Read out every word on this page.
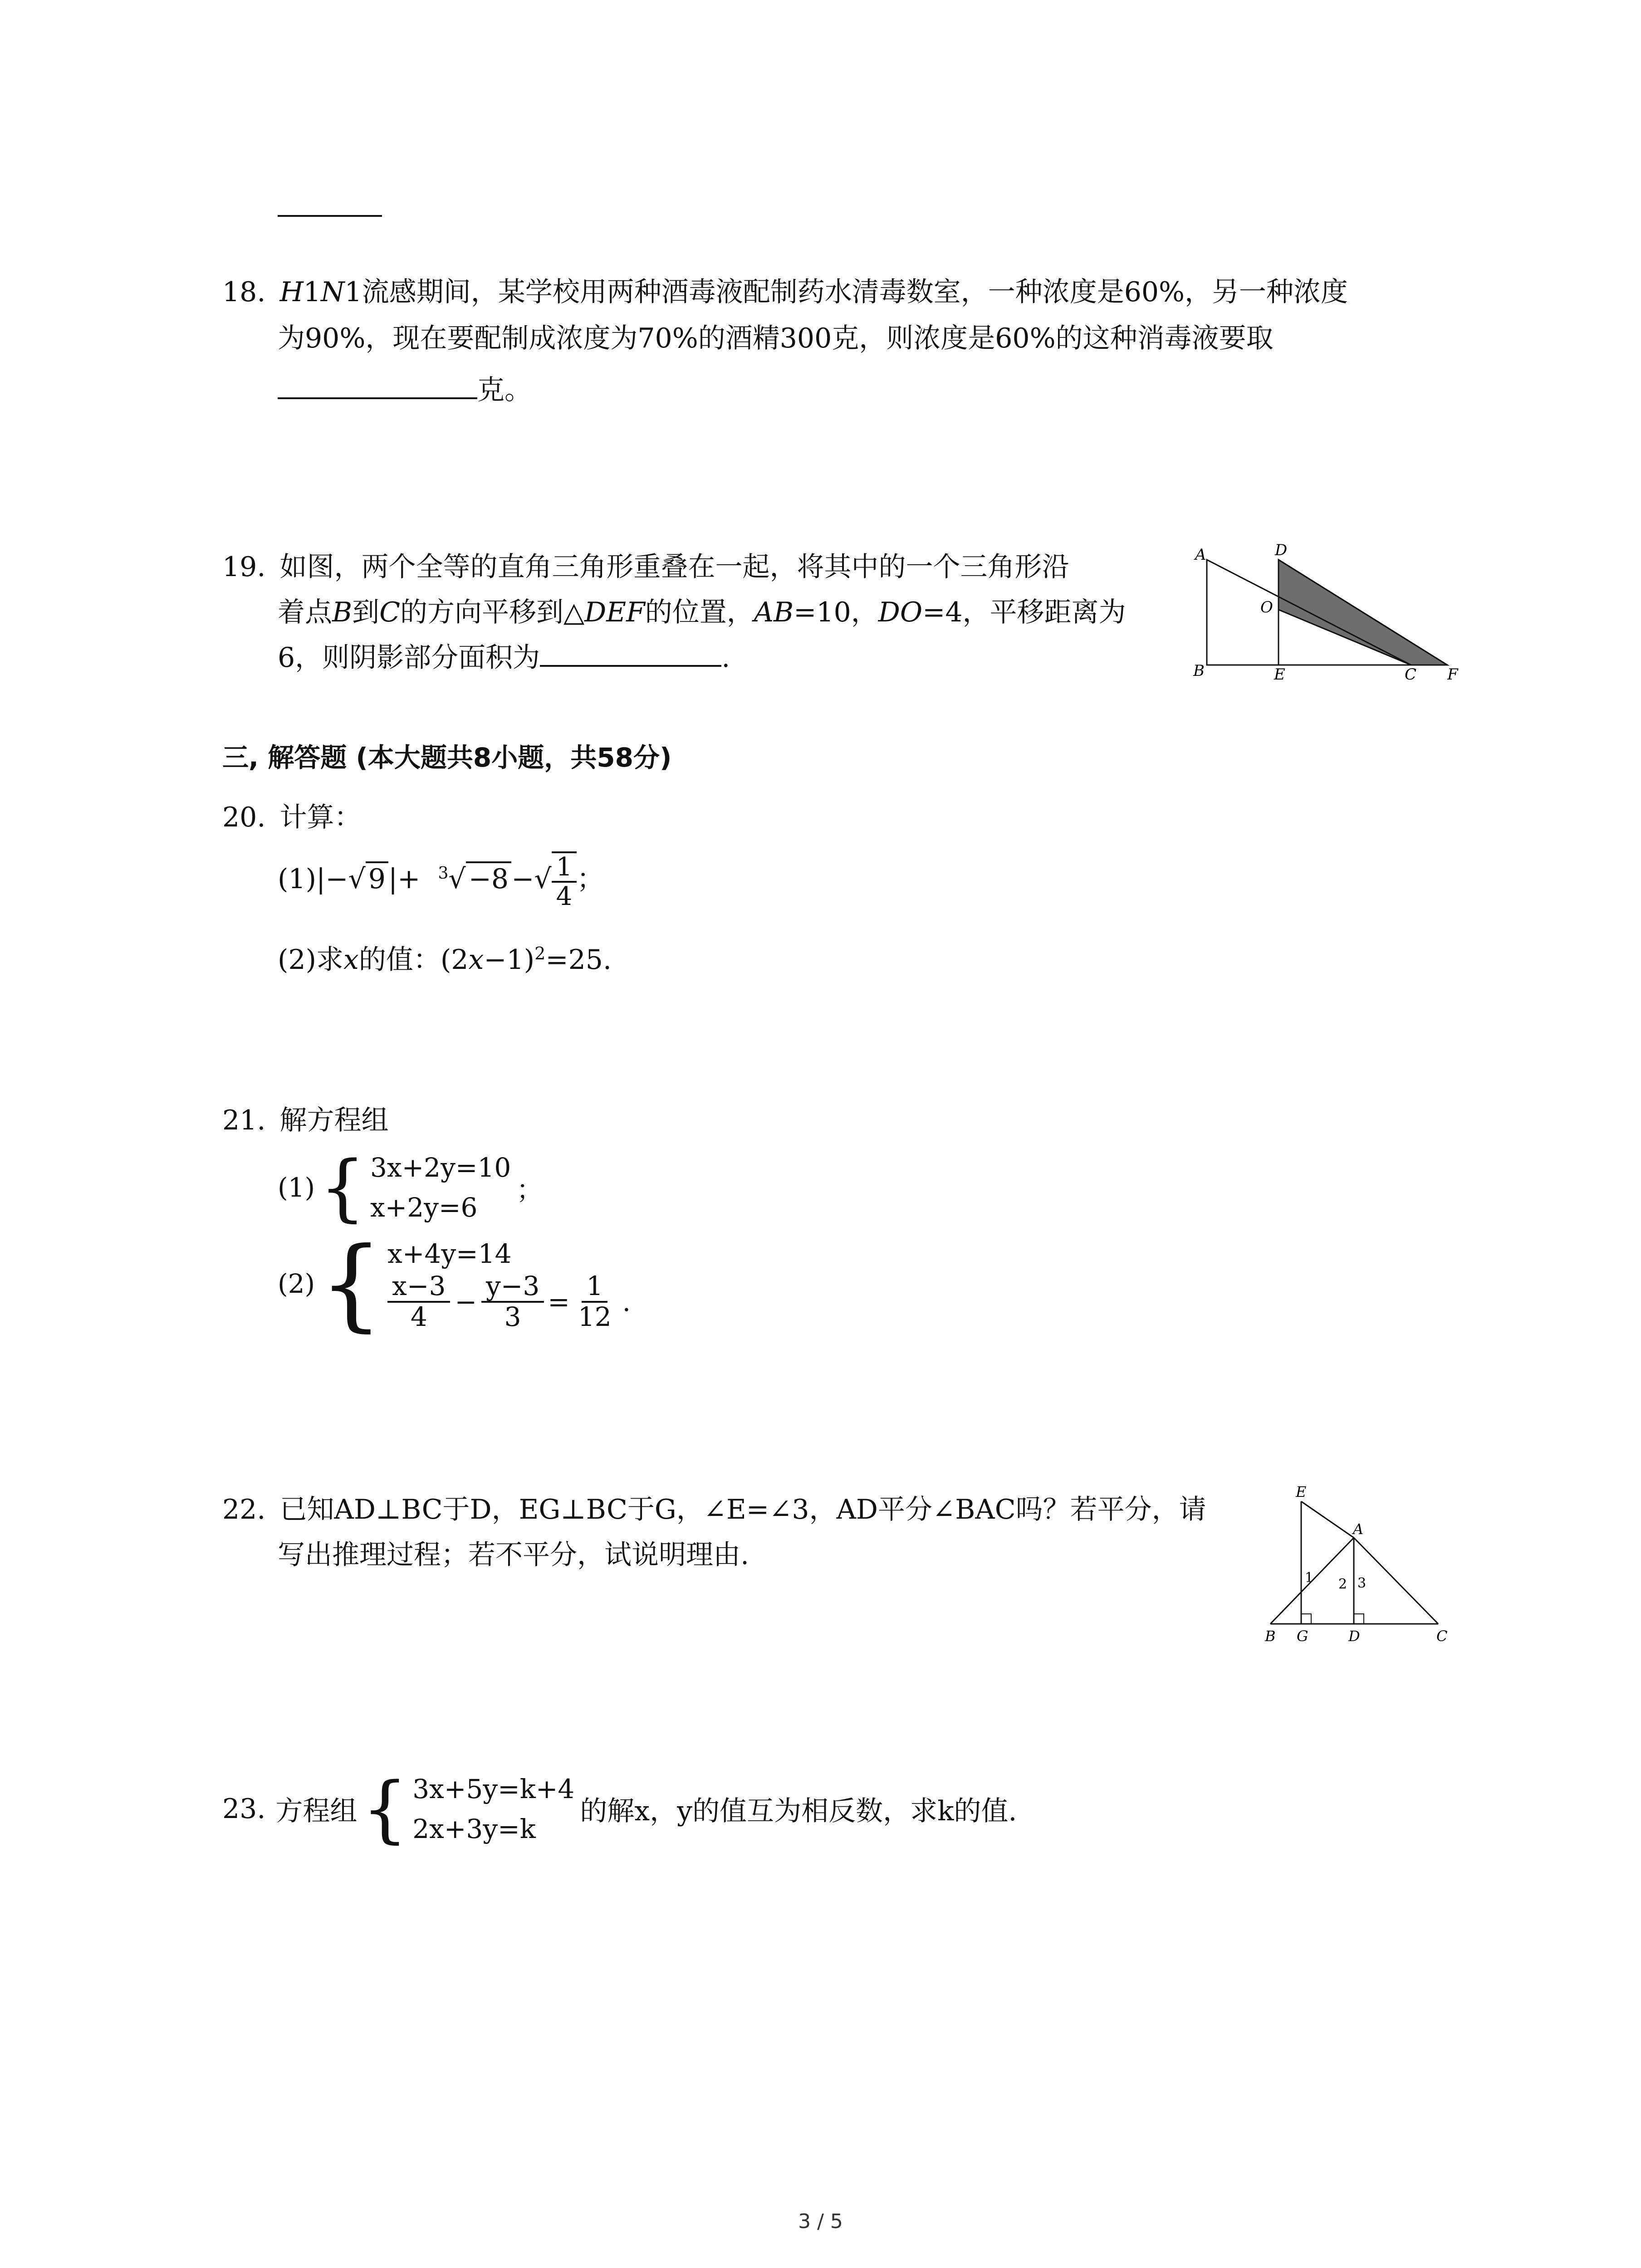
18. H1N1流感期间，某学校用两种酒毒液配制药水清毒数室，一种浓度是60%，另一种浓度
为90%，现在要配制成浓度为70%的酒精300克，则浓度是60%的这种消毒液要取
克。
19. 如图，两个全等的直角三角形重叠在一起，将其中的一个三角形沿
着点B到C的方向平移到△DEF的位置，AB=10，DO=4，平移距离为
6，则阴影部分面积为	.
A	D
O
B	E	C F
三, 解答题 (本大题共8小题，共58分)
20. 计算：
(1)|−√ 9 |+ $^3$√ −8 −√ $\frac{1}{4}$ ；
(2)求x的值：$(2x-1)^2=25$.
21. 解方程组
(1) { 3x+2y=10
x+2y=6
；
(2) { x+4y=14
$\frac{x-3}{4} - \frac{y-3}{3} = \frac{1}{12}$ .
22. 已知AD⊥BC于D，EG⊥BC于G，∠E=∠3，AD平分∠BAC吗？若平分，请
写出推理过程；若不平分，试说明理由.
E
A
1 2 3
B G	D	C
23. 方程组 { 3x+5y=k+4
2x+3y=k
的解x，y的值互为相反数，求k的值.
3 / 5
